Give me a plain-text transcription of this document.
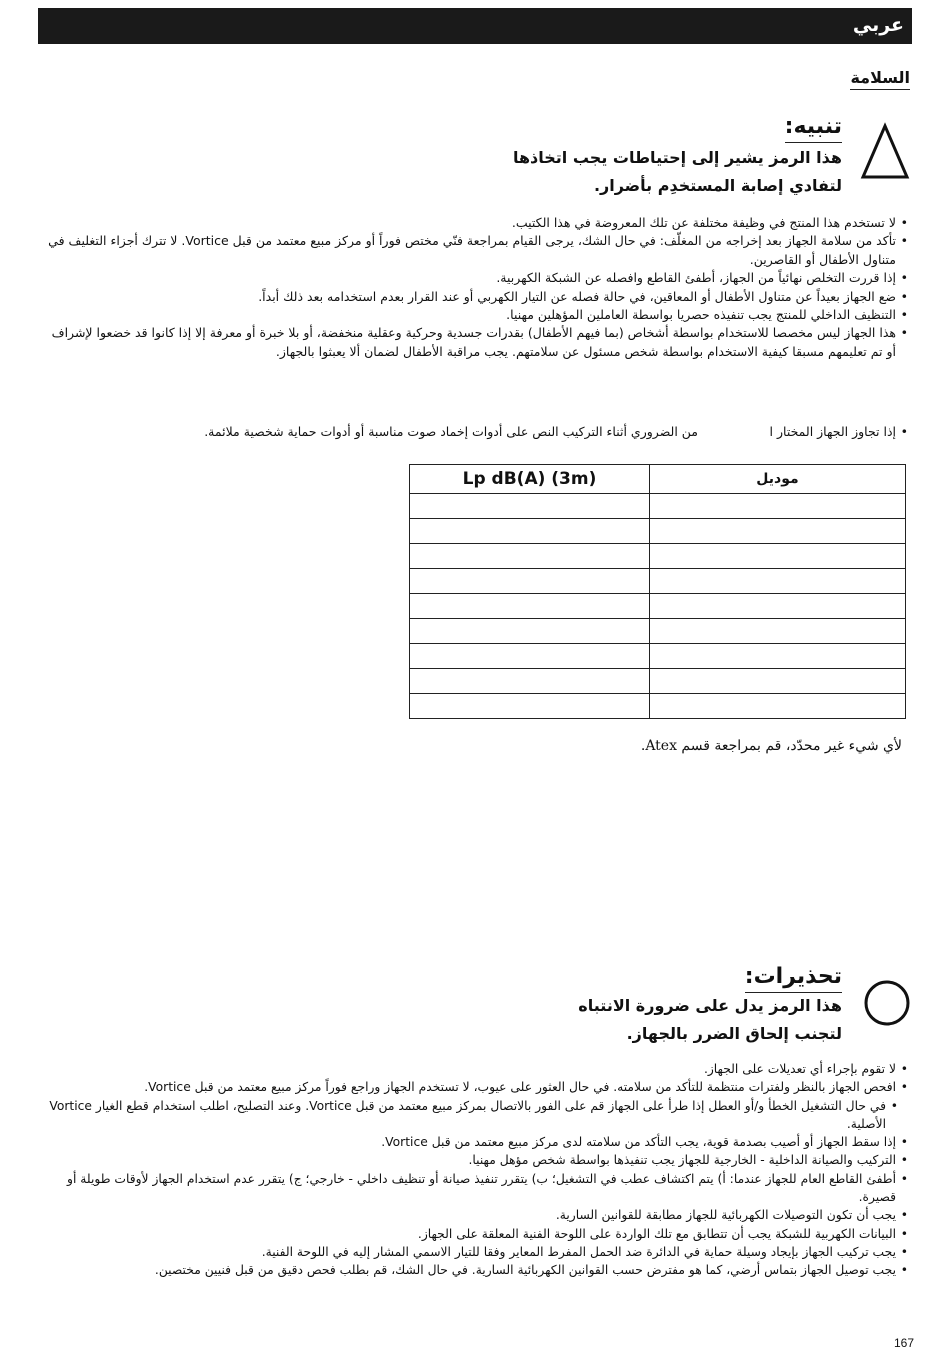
عربي
السلامة
تنبيه:
هذا الرمز يشير إلى إحتياطات يجب اتخاذها
لتفادي إصابة المستخدِم بأضرار.
• لا تستخدم هذا المنتج في وظيفة مختلفة عن تلك المعروضة في هذا الكتيب.
• تأكد من سلامة الجهاز بعد إخراجه من المغلّف: في حال الشك، يرجى القيام بمراجعة فنّي مختص فوراً أو مركز مبيع معتمد من قبل Vortice. لا تترك أجزاء التغليف في متناول الأطفال أو القاصرين.
• إذا قررت التخلص نهائياً من الجهاز، أطفئ القاطع وافصله عن الشبكة الكهربية.
• ضع الجهاز بعيداً عن متناول الأطفال أو المعاقين، في حالة فصله عن التيار الكهربي أو عند القرار بعدم استخدامه بعد ذلك أبداً.
• التنظيف الداخلي للمنتج يجب تنفيذه حصريا بواسطة العاملين المؤهلين مهنيا.
• هذا الجهاز ليس مخصصا للاستخدام بواسطة أشخاص (بما فيهم الأطفال) بقدرات جسدية وحركية وعقلية منخفضة، أو بلا خبرة أو معرفة إلا إذا كانوا قد خضعوا لإشراف أو تم تعليمهم مسبقا كيفية الاستخدام بواسطة شخص مسئول عن سلامتهم. يجب مراقبة الأطفال لضمان ألا يعبثوا بالجهاز.
• إذا تجاوز الجهاز المختار ا
من الضروري أثناء التركيب النص على أدوات إخماد صوت مناسبة أو أدوات حماية شخصية ملائمة.
Lp dB(A) (3m)	موديل

لأي شيء غير محدّد، قم بمراجعة قسم Atex.
تحذيرات:
هذا الرمز يدل على ضرورة الانتباه
لتجنب إلحاق الضرر بالجهاز.
• لا تقوم بإجراء أي تعديلات على الجهاز.
• افحص الجهاز بالنظر ولفترات منتظمة للتأكد من سلامته. في حال العثور على عيوب، لا تستخدم الجهاز وراجع فوراً مركز مبيع معتمد من قبل Vortice.
• في حال التشغيل الخطأ و/أو العطل إذا طرأ على الجهاز قم على الفور بالاتصال بمركز مبيع معتمد من قبل Vortice. وعند التصليح، اطلب استخدام قطع الغيار Vortice الأصلية.
• إذا سقط الجهاز أو أصيب بصدمة قوية، يجب التأكد من سلامته لدى مركز مبيع معتمد من قبل Vortice.
• التركيب والصيانة الداخلية - الخارجية للجهاز يجب تنفيذها بواسطة شخص مؤهل مهنيا.
• أطفئ القاطع العام للجهاز عندما: أ) يتم اكتشاف عطب في التشغيل؛ ب) يتقرر تنفيذ صيانة أو تنظيف داخلي - خارجي؛ ج) يتقرر عدم استخدام الجهاز لأوقات طويلة أو قصيرة.
• يجب أن تكون التوصيلات الكهربائية للجهاز مطابقة للقوانين السارية.
• البيانات الكهربية للشبكة يجب أن تتطابق مع تلك الواردة على اللوحة الفنية المعلقة على الجهاز.
• يجب تركيب الجهاز بإيجاد وسيلة حماية في الدائرة ضد الحمل المفرط المعاير وفقا للتيار الاسمي المشار إليه في اللوحة الفنية.
• يجب توصيل الجهاز بتماس أرضي، كما هو مفترض حسب القوانين الكهربائية السارية. في حال الشك، قم بطلب فحص دقيق من قبل فنيين مختصين.
167
